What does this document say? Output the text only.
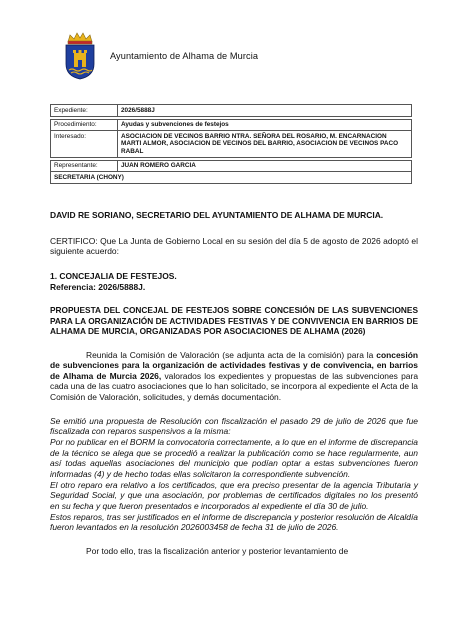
Ayuntamiento de Alhama de Murcia
Expediente:	2026/5888J

Procedimiento:	Ayudas y subvenciones de festejos
Interesado:	ASOCIACION DE VECINOS BARRIO NTRA. SEÑORA DEL ROSARIO, M. ENCARNACION MARTI ALMOR, ASOCIACION DE VECINOS DEL BARRIO, ASOCIACION DE VECINOS PACO RABAL

Representante:	JUAN ROMERO GARCIA
SECRETARIA (CHONY)	

DAVID RE SORIANO, SECRETARIO DEL AYUNTAMIENTO DE ALHAMA DE MURCIA.

CERTIFICO: Que La Junta de Gobierno Local en su sesión del día 5 de agosto de 2026 adoptó el siguiente acuerdo:

1. CONCEJALIA DE FESTEJOS.

Referencia: 2026/5888J.

PROPUESTA DEL CONCEJAL DE FESTEJOS SOBRE CONCESIÓN DE LAS SUBVENCIONES PARA LA ORGANIZACIÓN DE ACTIVIDADES FESTIVAS Y DE CONVIVENCIA EN BARRIOS DE ALHAMA DE MURCIA, ORGANIZADAS POR ASOCIACIONES DE ALHAMA (2026)

Reunida la Comisión de Valoración (se adjunta acta de la comisión) para la concesión de subvenciones para la organización de actividades festivas y de convivencia, en barrios de Alhama de Murcia 2026, valorados los expedientes y propuestas de las subvenciones para cada una de las cuatro asociaciones que lo han solicitado, se incorpora al expediente el Acta de la Comisión de Valoración, solicitudes, y demás documentación.

Se emitió una propuesta de Resolución con fiscalización el pasado 29 de julio de 2026 que fue fiscalizada con reparos suspensivos a la misma:

Por no publicar en el BORM la convocatoria correctamente, a lo que en el informe de discrepancia de la técnico se alega que se procedió a realizar la publicación como se hace regularmente, aun así todas aquellas asociaciones del municipio que podían optar a estas subvenciones fueron informadas (4) y de hecho todas ellas solicitaron la correspondiente subvención.

El otro reparo era relativo a los certificados, que era preciso presentar de la agencia Tributaria y Seguridad Social, y que una asociación, por problemas de certificados digitales no los presentó en su fecha y que fueron presentados e incorporados al expediente el día 30 de julio.

Estos reparos, tras ser justificados en el informe de discrepancia y posterior resolución de Alcaldía fueron levantados en la resolución 2026003458 de fecha 31 de julio de 2026.

Por todo ello, tras la fiscalización anterior y posterior levantamiento de
